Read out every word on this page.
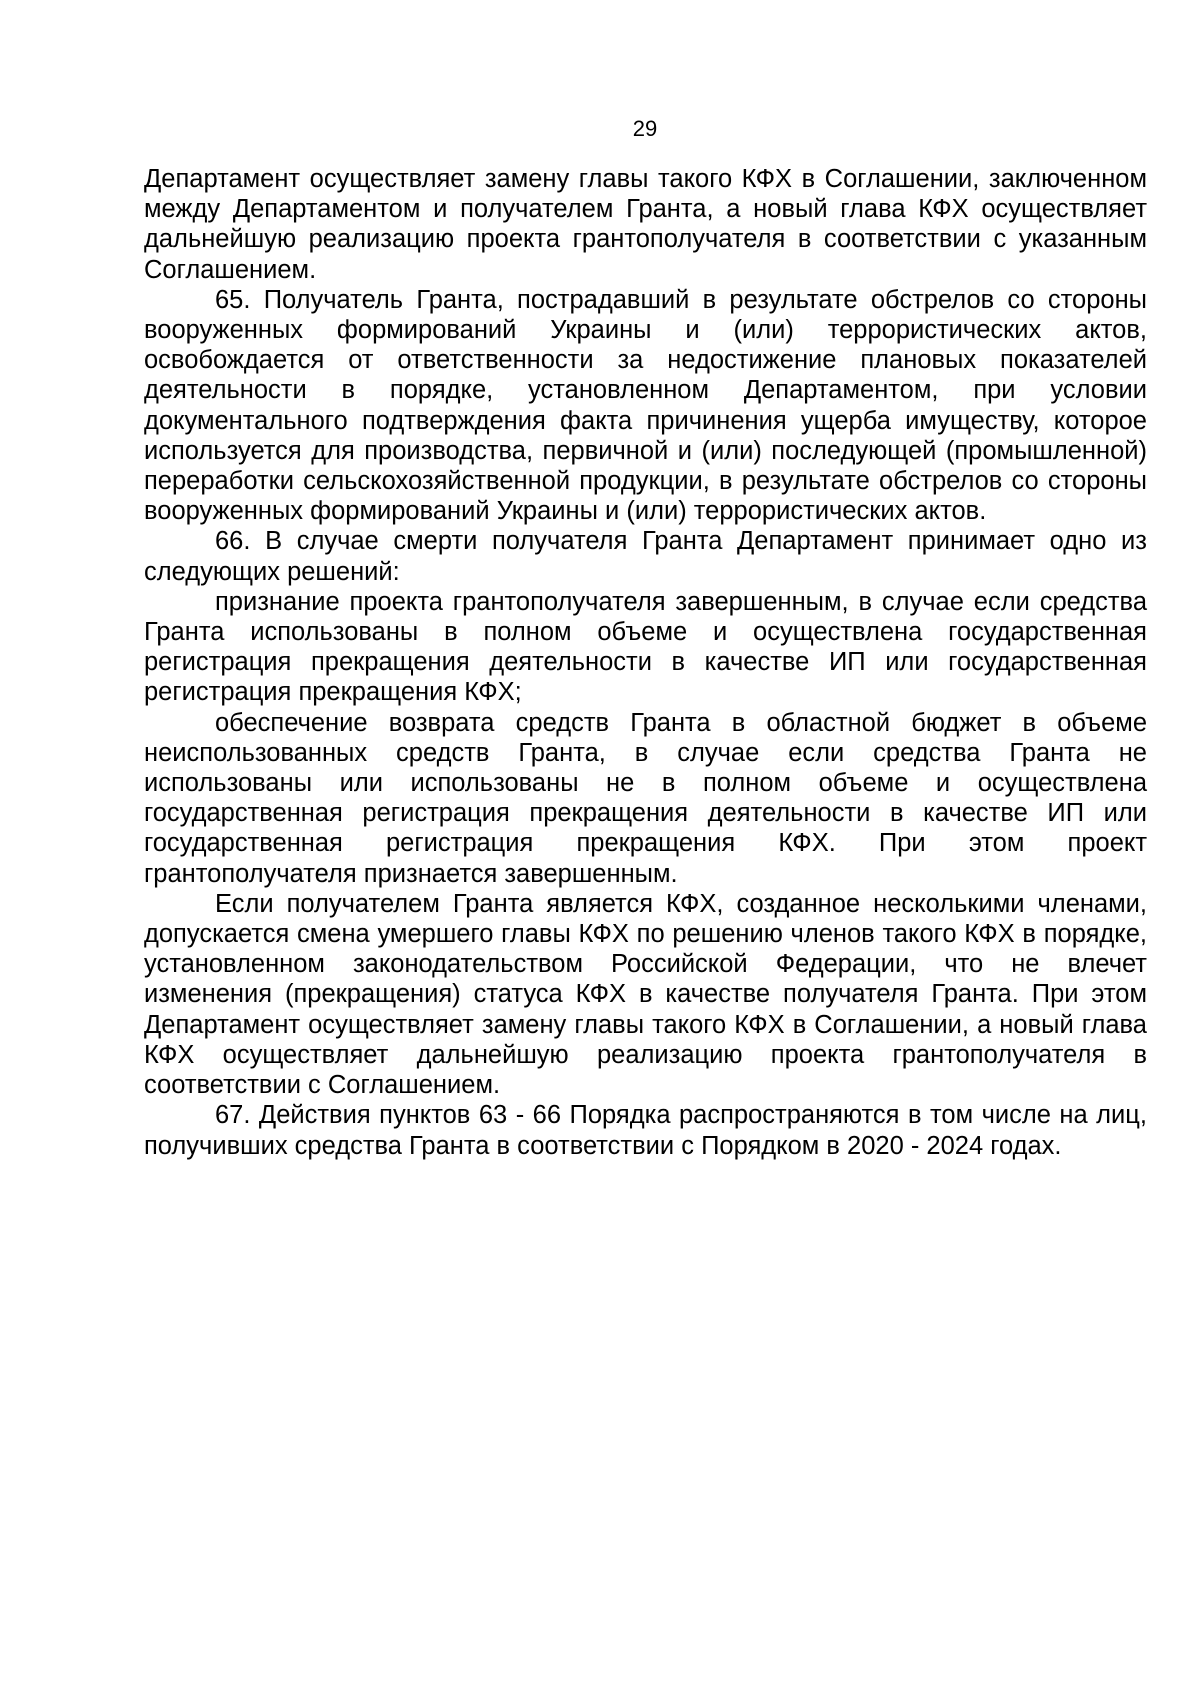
29

Департамент осуществляет замену главы такого КФХ в Соглашении, заключенном между Департаментом и получателем Гранта, а новый глава КФХ осуществляет дальнейшую реализацию проекта грантополучателя в соответствии с указанным Соглашением.

65. Получатель Гранта, пострадавший в результате обстрелов со стороны вооруженных формирований Украины и (или) террористических актов, освобождается от ответственности за недостижение плановых показателей деятельности в порядке, установленном Департаментом, при условии документального подтверждения факта причинения ущерба имуществу, которое используется для производства, первичной и (или) последующей (промышленной) переработки сельскохозяйственной продукции, в результате обстрелов со стороны вооруженных формирований Украины и (или) террористических актов.

66. В случае смерти получателя Гранта Департамент принимает одно из следующих решений:

признание проекта грантополучателя завершенным, в случае если средства Гранта использованы в полном объеме и осуществлена государственная регистрация прекращения деятельности в качестве ИП или государственная регистрация прекращения КФХ;

обеспечение возврата средств Гранта в областной бюджет в объеме неиспользованных средств Гранта, в случае если средства Гранта не использованы или использованы не в полном объеме и осуществлена государственная регистрация прекращения деятельности в качестве ИП или государственная регистрация прекращения КФХ. При этом проект грантополучателя признается завершенным.

Если получателем Гранта является КФХ, созданное несколькими членами, допускается смена умершего главы КФХ по решению членов такого КФХ в порядке, установленном законодательством Российской Федерации, что не влечет изменения (прекращения) статуса КФХ в качестве получателя Гранта. При этом Департамент осуществляет замену главы такого КФХ в Соглашении, а новый глава КФХ осуществляет дальнейшую реализацию проекта грантополучателя в соответствии с Соглашением.

67. Действия пунктов 63 - 66 Порядка распространяются в том числе на лиц, получивших средства Гранта в соответствии с Порядком в 2020 - 2024 годах.
